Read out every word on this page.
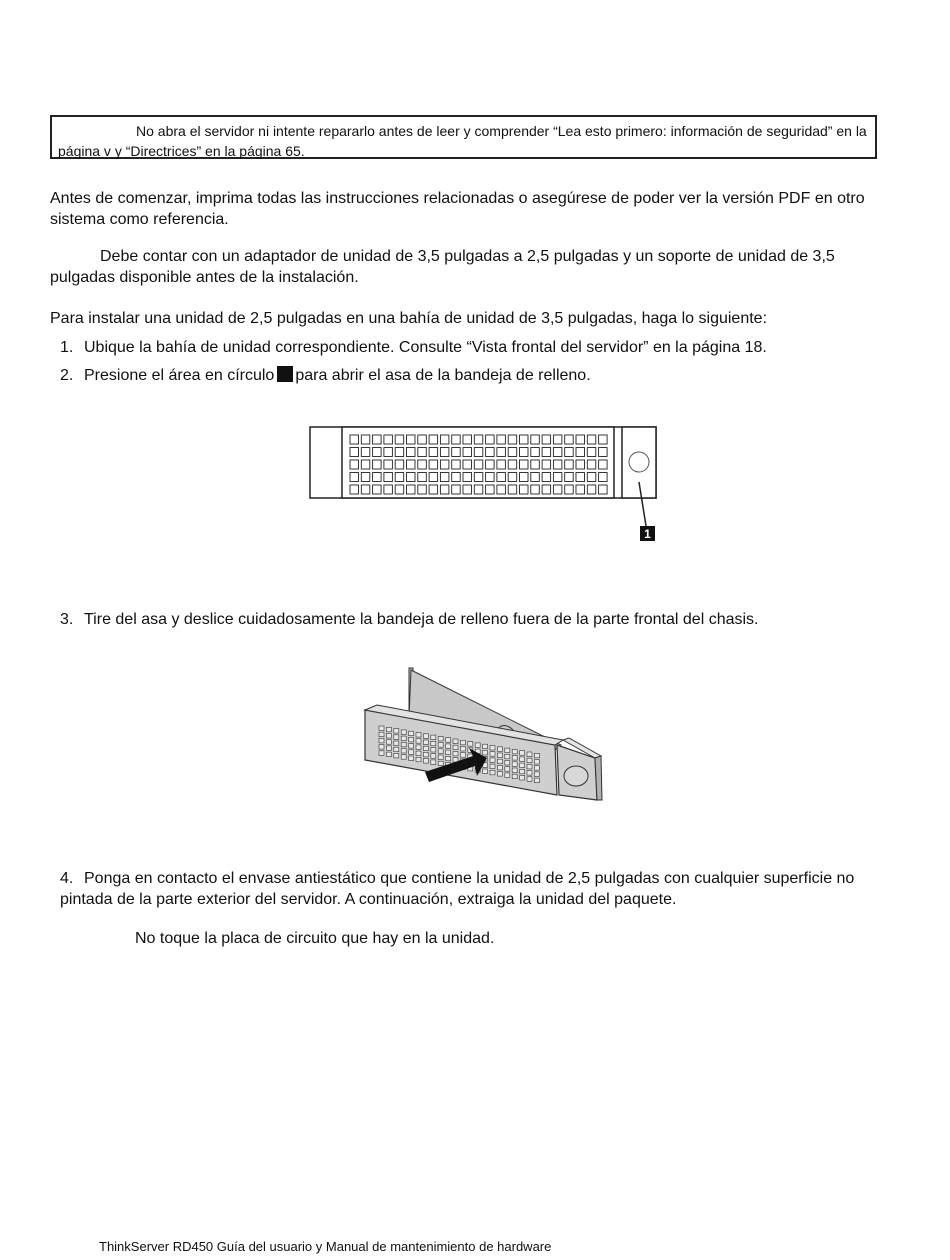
No abra el servidor ni intente repararlo antes de leer y comprender “Lea esto primero: información de seguridad” en la página v y “Directrices” en la página 65.
Antes de comenzar, imprima todas las instrucciones relacionadas o asegúrese de poder ver la versión PDF en otro sistema como referencia.
Debe contar con un adaptador de unidad de 3,5 pulgadas a 2,5 pulgadas y un soporte de unidad de 3,5 pulgadas disponible antes de la instalación.
Para instalar una unidad de 2,5 pulgadas en una bahía de unidad de 3,5 pulgadas, haga lo siguiente:
1. Ubique la bahía de unidad correspondiente. Consulte “Vista frontal del servidor” en la página 18.
2. Presione el área en círculo para abrir el asa de la bandeja de relleno.
1
3. Tire del asa y deslice cuidadosamente la bandeja de relleno fuera de la parte frontal del chasis.
4. Ponga en contacto el envase antiestático que contiene la unidad de 2,5 pulgadas con cualquier superficie no pintada de la parte exterior del servidor. A continuación, extraiga la unidad del paquete.
No toque la placa de circuito que hay en la unidad.
ThinkServer RD450 Guía del usuario y Manual de mantenimiento de hardware
